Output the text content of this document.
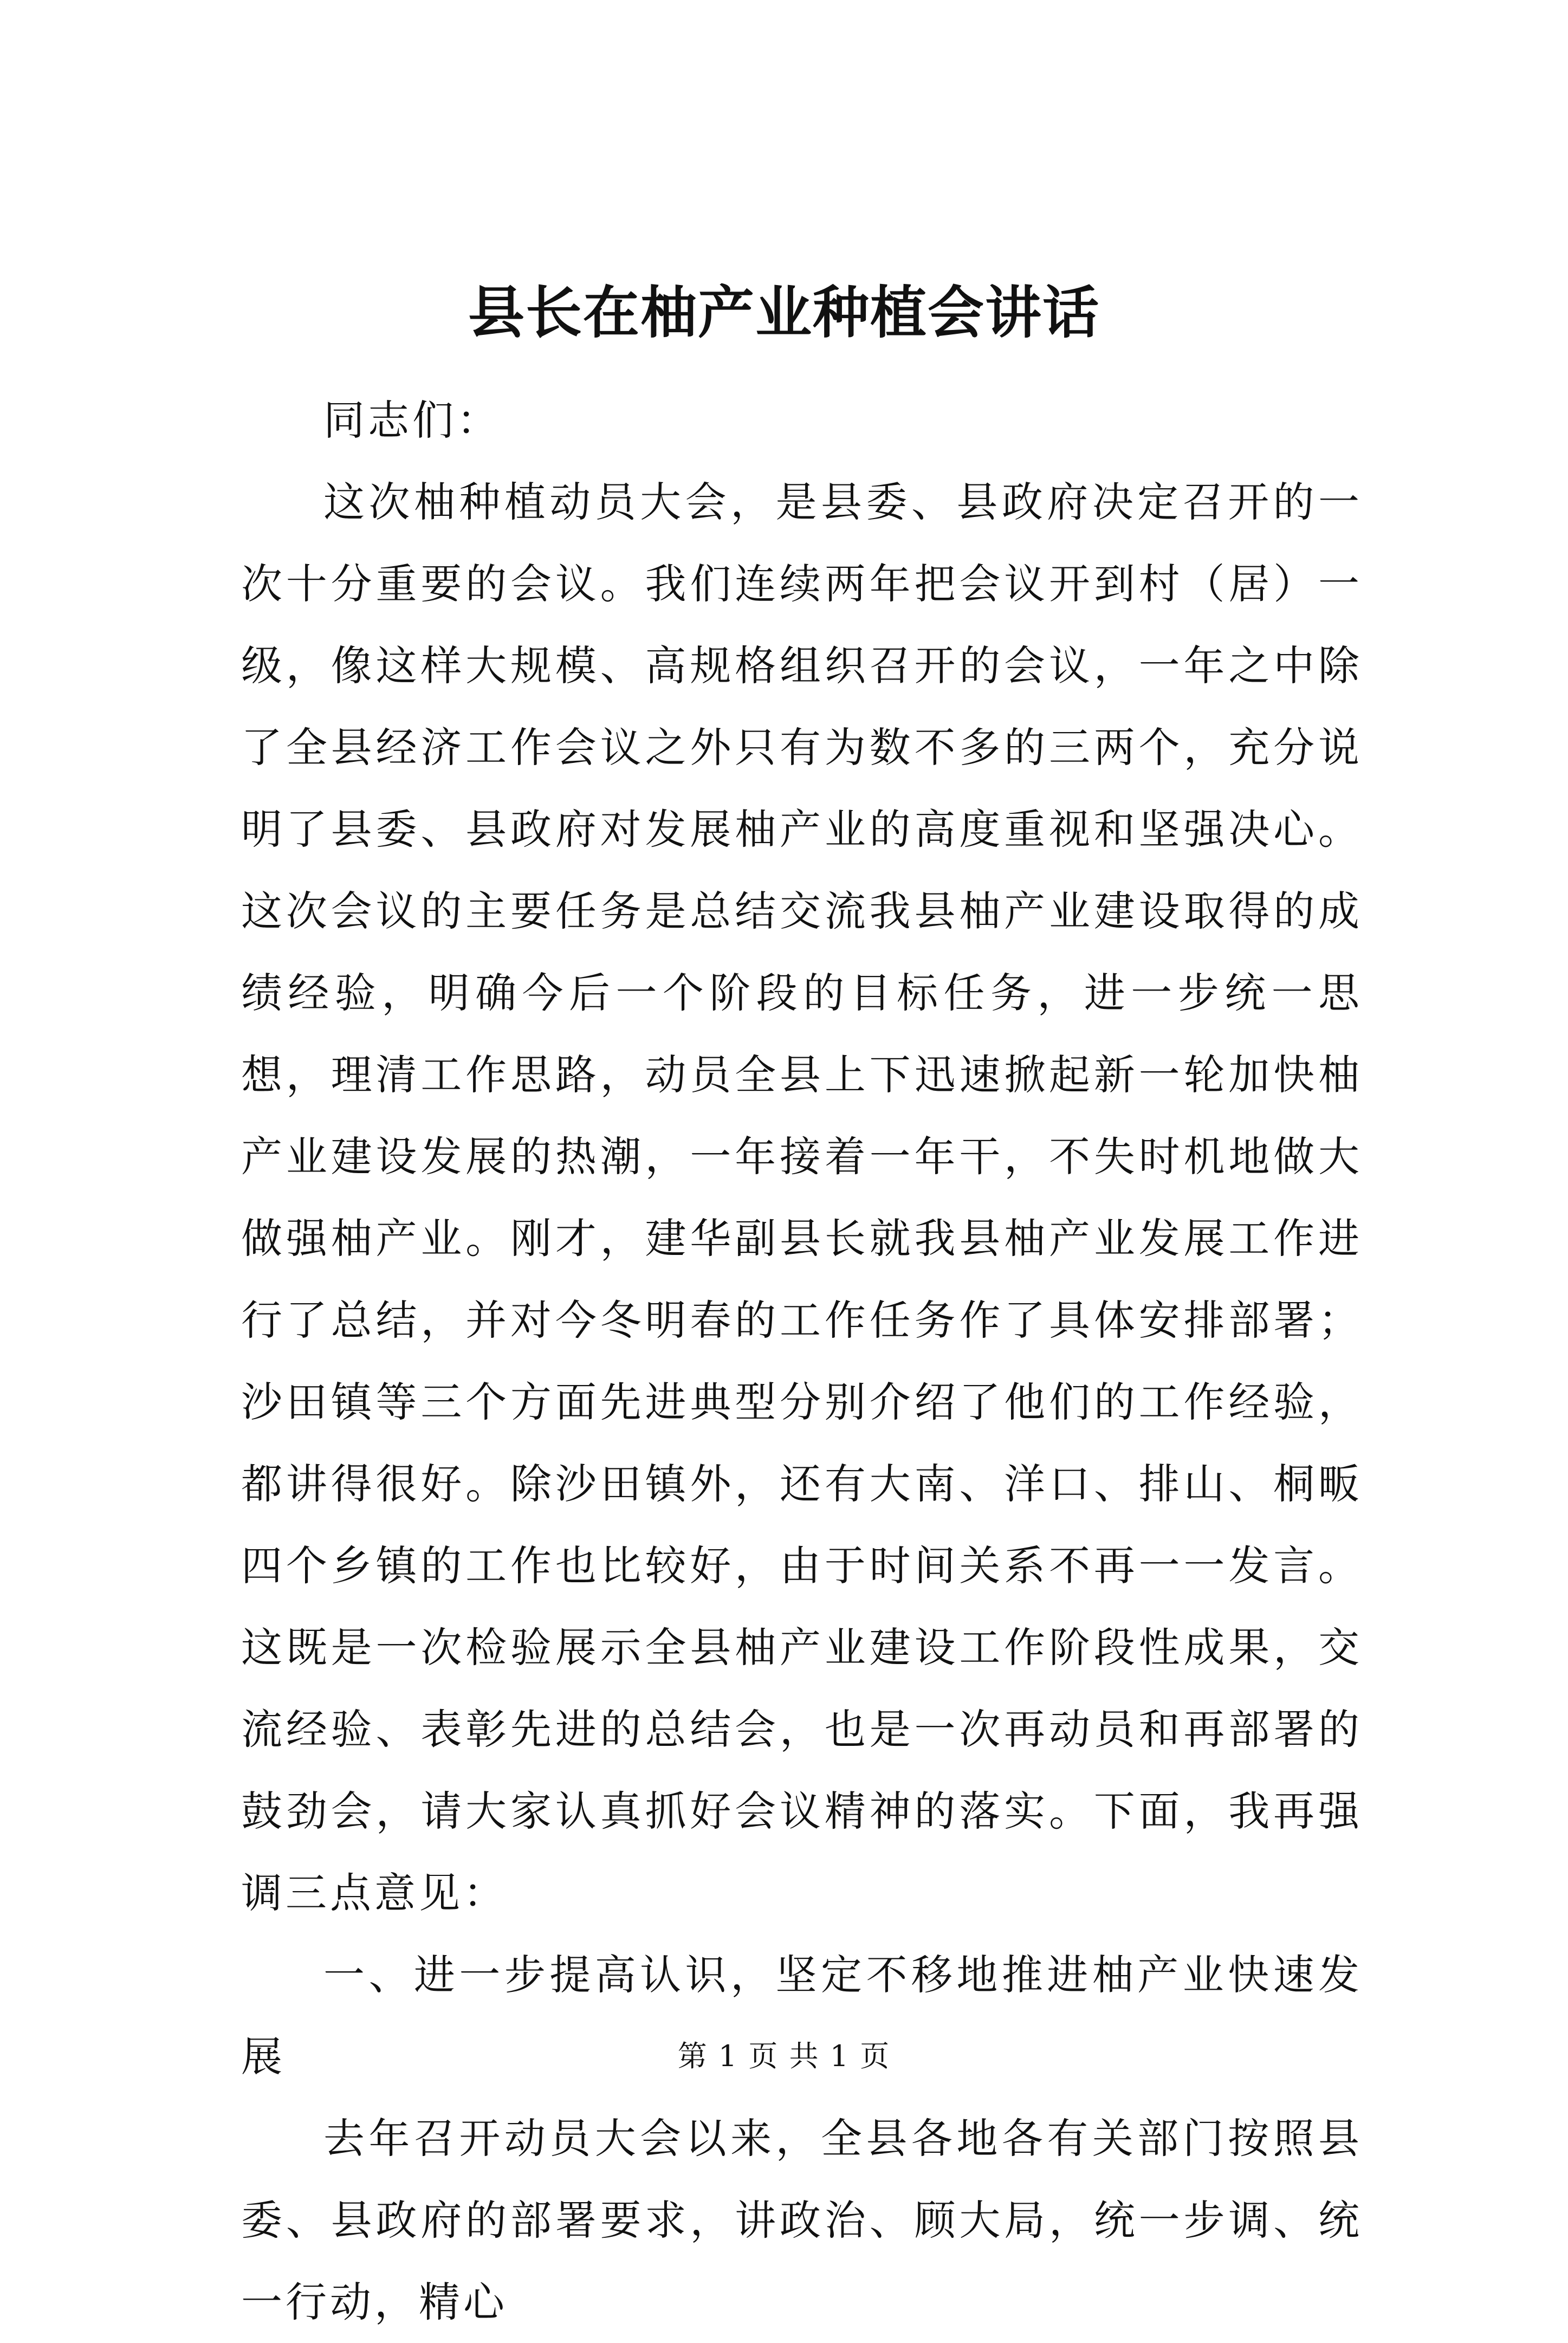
县长在柚产业种植会讲话

同志们：

这次柚种植动员大会，是县委、县政府决定召开的一次十分重要的会议。我们连续两年把会议开到村（居）一级，像这样大规模、高规格组织召开的会议，一年之中除了全县经济工作会议之外只有为数不多的三两个，充分说明了县委、县政府对发展柚产业的高度重视和坚强决心。这次会议的主要任务是总结交流我县柚产业建设取得的成绩经验，明确今后一个阶段的目标任务，进一步统一思想，理清工作思路，动员全县上下迅速掀起新一轮加快柚产业建设发展的热潮，一年接着一年干，不失时机地做大做强柚产业。刚才，建华副县长就我县柚产业发展工作进行了总结，并对今冬明春的工作任务作了具体安排部署；沙田镇等三个方面先进典型分别介绍了他们的工作经验，都讲得很好。除沙田镇外，还有大南、洋口、排山、桐畈四个乡镇的工作也比较好，由于时间关系不再一一发言。这既是一次检验展示全县柚产业建设工作阶段性成果，交流经验、表彰先进的总结会，也是一次再动员和再部署的鼓劲会，请大家认真抓好会议精神的落实。下面，我再强调三点意见：

一、进一步提高认识，坚定不移地推进柚产业快速发展

去年召开动员大会以来，全县各地各有关部门按照县委、县政府的部署要求，讲政治、顾大局，统一步调、统一行动，精心

第 1 页 共 1 页
